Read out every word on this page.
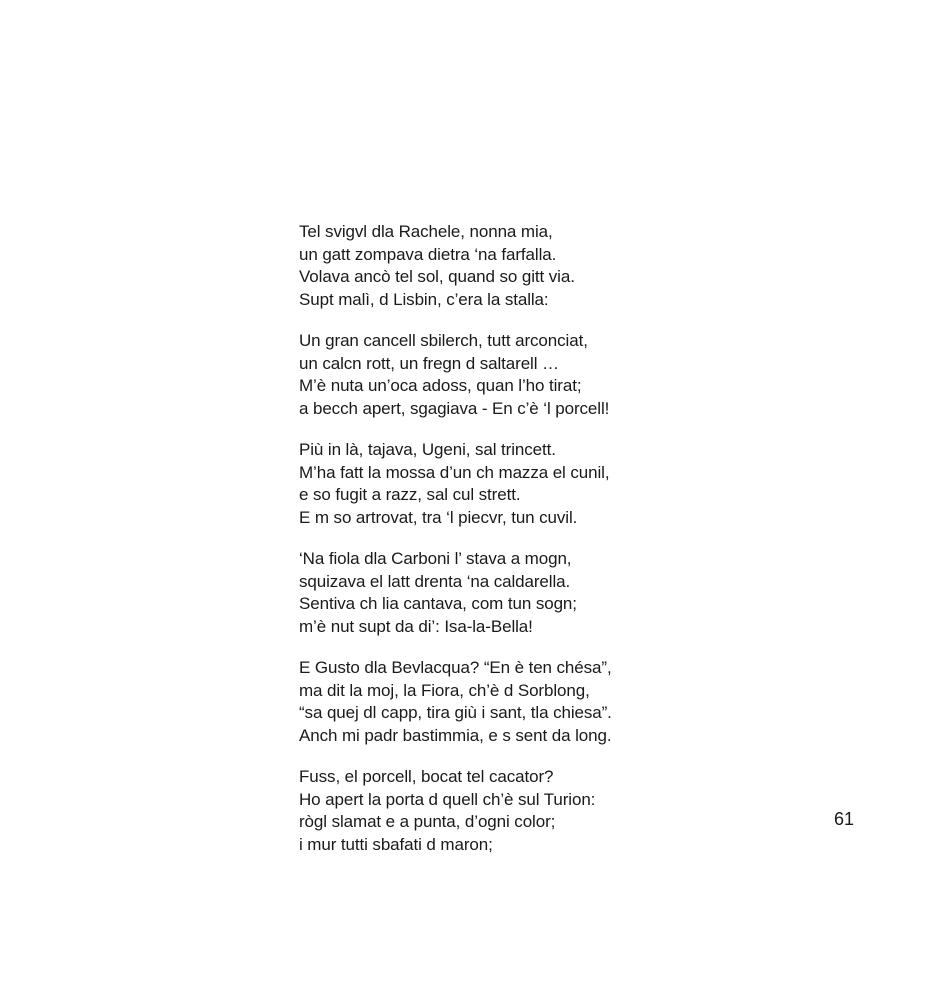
Tel svigvl dla Rachele, nonna mia,
un gatt zompava dietra ‘na farfalla.
Volava ancò tel sol, quand so gitt via.
Supt malì, d Lisbin, c’era la stalla:
Un gran cancell sbilerch, tutt arconciat,
un calcn rott, un fregn d saltarell …
M’è nuta un’oca adoss, quan l’ho tirat;
a becch apert, sgagiava - En c’è ‘l porcell!
Più in là, tajava, Ugeni, sal trincett.
M’ha fatt la mossa d’un ch mazza el cunil,
e so fugit a razz, sal cul strett.
E m so artrovat, tra ‘l piecvr, tun cuvil.
‘Na fiola dla Carboni l’ stava a mogn,
squizava el latt drenta ‘na caldarella.
Sentiva ch lia cantava, com tun sogn;
m’è nut supt da di’: Isa-la-Bella!
E Gusto dla Bevlacqua? “En è ten chésa”,
ma dit la moj, la Fiora, ch’è d Sorblong,
“sa quej dl capp, tira giù i sant, tla chiesa”.
Anch mi padr bastimmia, e s sent da long.
Fuss, el porcell, bocat tel cacator?
Ho apert la porta d quell ch’è sul Turion:
rògl slamat e a punta, d’ogni color;
i mur tutti sbafati d maron;
61
